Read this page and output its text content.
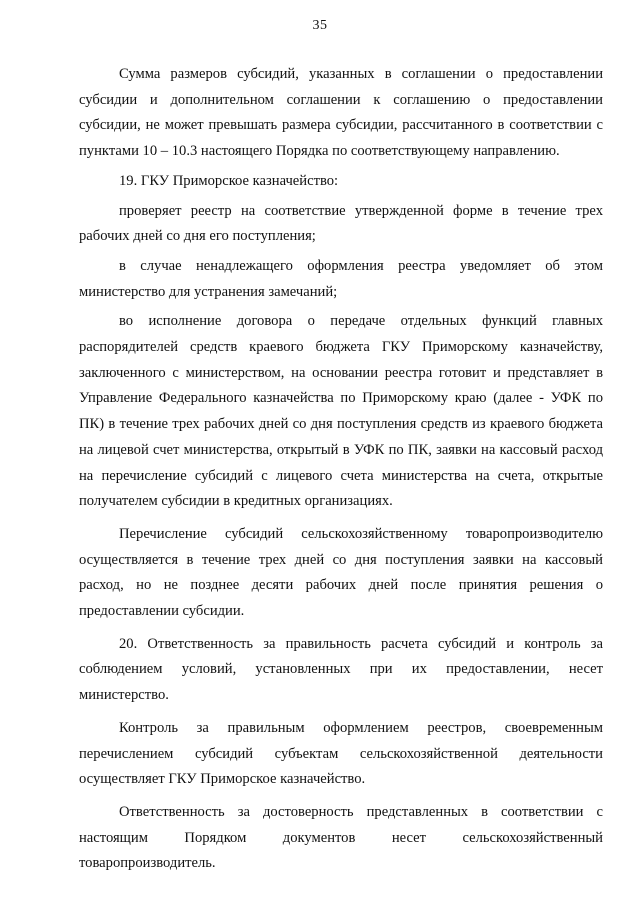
35

Сумма размеров субсидий, указанных в соглашении о предоставлении субсидии и дополнительном соглашении к соглашению о предоставлении субсидии, не может превышать размера субсидии, рассчитанного в соответствии с пунктами 10 – 10.3 настоящего Порядка по соответствующему направлению.

19. ГКУ Приморское казначейство:

проверяет реестр на соответствие утвержденной форме в течение трех рабочих дней со дня его поступления;

в случае ненадлежащего оформления реестра уведомляет об этом министерство для устранения замечаний;

во исполнение договора о передаче отдельных функций главных распорядителей средств краевого бюджета ГКУ Приморскому казначейству, заключенного с министерством, на основании реестра готовит и представляет в Управление Федерального казначейства по Приморскому краю (далее - УФК по ПК) в течение трех рабочих дней со дня поступления средств из краевого бюджета на лицевой счет министерства, открытый в УФК по ПК, заявки на кассовый расход на перечисление субсидий с лицевого счета министерства на счета, открытые получателем субсидии в кредитных организациях.

Перечисление субсидий сельскохозяйственному товаропроизводителю осуществляется в течение трех дней со дня поступления заявки на кассовый расход, но не позднее десяти рабочих дней после принятия решения о предоставлении субсидии.

20. Ответственность за правильность расчета субсидий и контроль за соблюдением условий, установленных при их предоставлении, несет министерство.

Контроль за правильным оформлением реестров, своевременным перечислением субсидий субъектам сельскохозяйственной деятельности осуществляет ГКУ Приморское казначейство.

Ответственность за достоверность представленных в соответствии с настоящим Порядком документов несет сельскохозяйственный товаропроизводитель.
